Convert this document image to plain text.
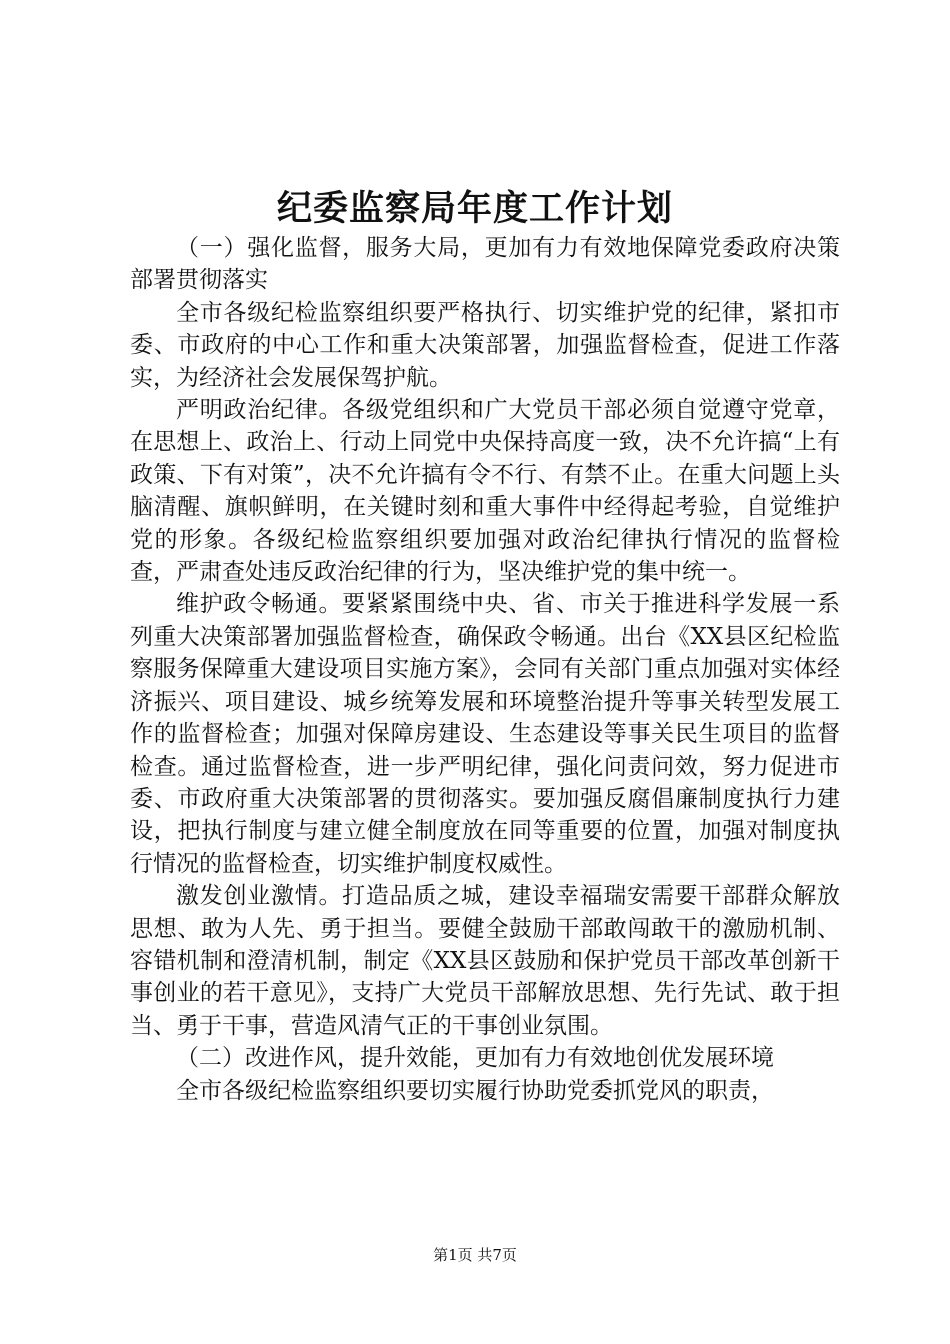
纪委监察局年度工作计划

（一）强化监督，服务大局，更加有力有效地保障党委政府决策部署贯彻落实

全市各级纪检监察组织要严格执行、切实维护党的纪律，紧扣市委、市政府的中心工作和重大决策部署，加强监督检查，促进工作落实，为经济社会发展保驾护航。

严明政治纪律。各级党组织和广大党员干部必须自觉遵守党章，在思想上、政治上、行动上同党中央保持高度一致，决不允许搞“上有政策、下有对策”，决不允许搞有令不行、有禁不止。在重大问题上头脑清醒、旗帜鲜明，在关键时刻和重大事件中经得起考验，自觉维护党的形象。各级纪检监察组织要加强对政治纪律执行情况的监督检查，严肃查处违反政治纪律的行为，坚决维护党的集中统一。

维护政令畅通。要紧紧围绕中央、省、市关于推进科学发展一系列重大决策部署加强监督检查，确保政令畅通。出台《XX县区纪检监察服务保障重大建设项目实施方案》，会同有关部门重点加强对实体经济振兴、项目建设、城乡统筹发展和环境整治提升等事关转型发展工作的监督检查；加强对保障房建设、生态建设等事关民生项目的监督检查。通过监督检查，进一步严明纪律，强化问责问效，努力促进市委、市政府重大决策部署的贯彻落实。要加强反腐倡廉制度执行力建设，把执行制度与建立健全制度放在同等重要的位置，加强对制度执行情况的监督检查，切实维护制度权威性。

激发创业激情。打造品质之城，建设幸福瑞安需要干部群众解放思想、敢为人先、勇于担当。要健全鼓励干部敢闯敢干的激励机制、容错机制和澄清机制，制定《XX县区鼓励和保护党员干部改革创新干事创业的若干意见》，支持广大党员干部解放思想、先行先试、敢于担当、勇于干事，营造风清气正的干事创业氛围。

（二）改进作风，提升效能，更加有力有效地创优发展环境

全市各级纪检监察组织要切实履行协助党委抓党风的职责，

第1页 共7页
